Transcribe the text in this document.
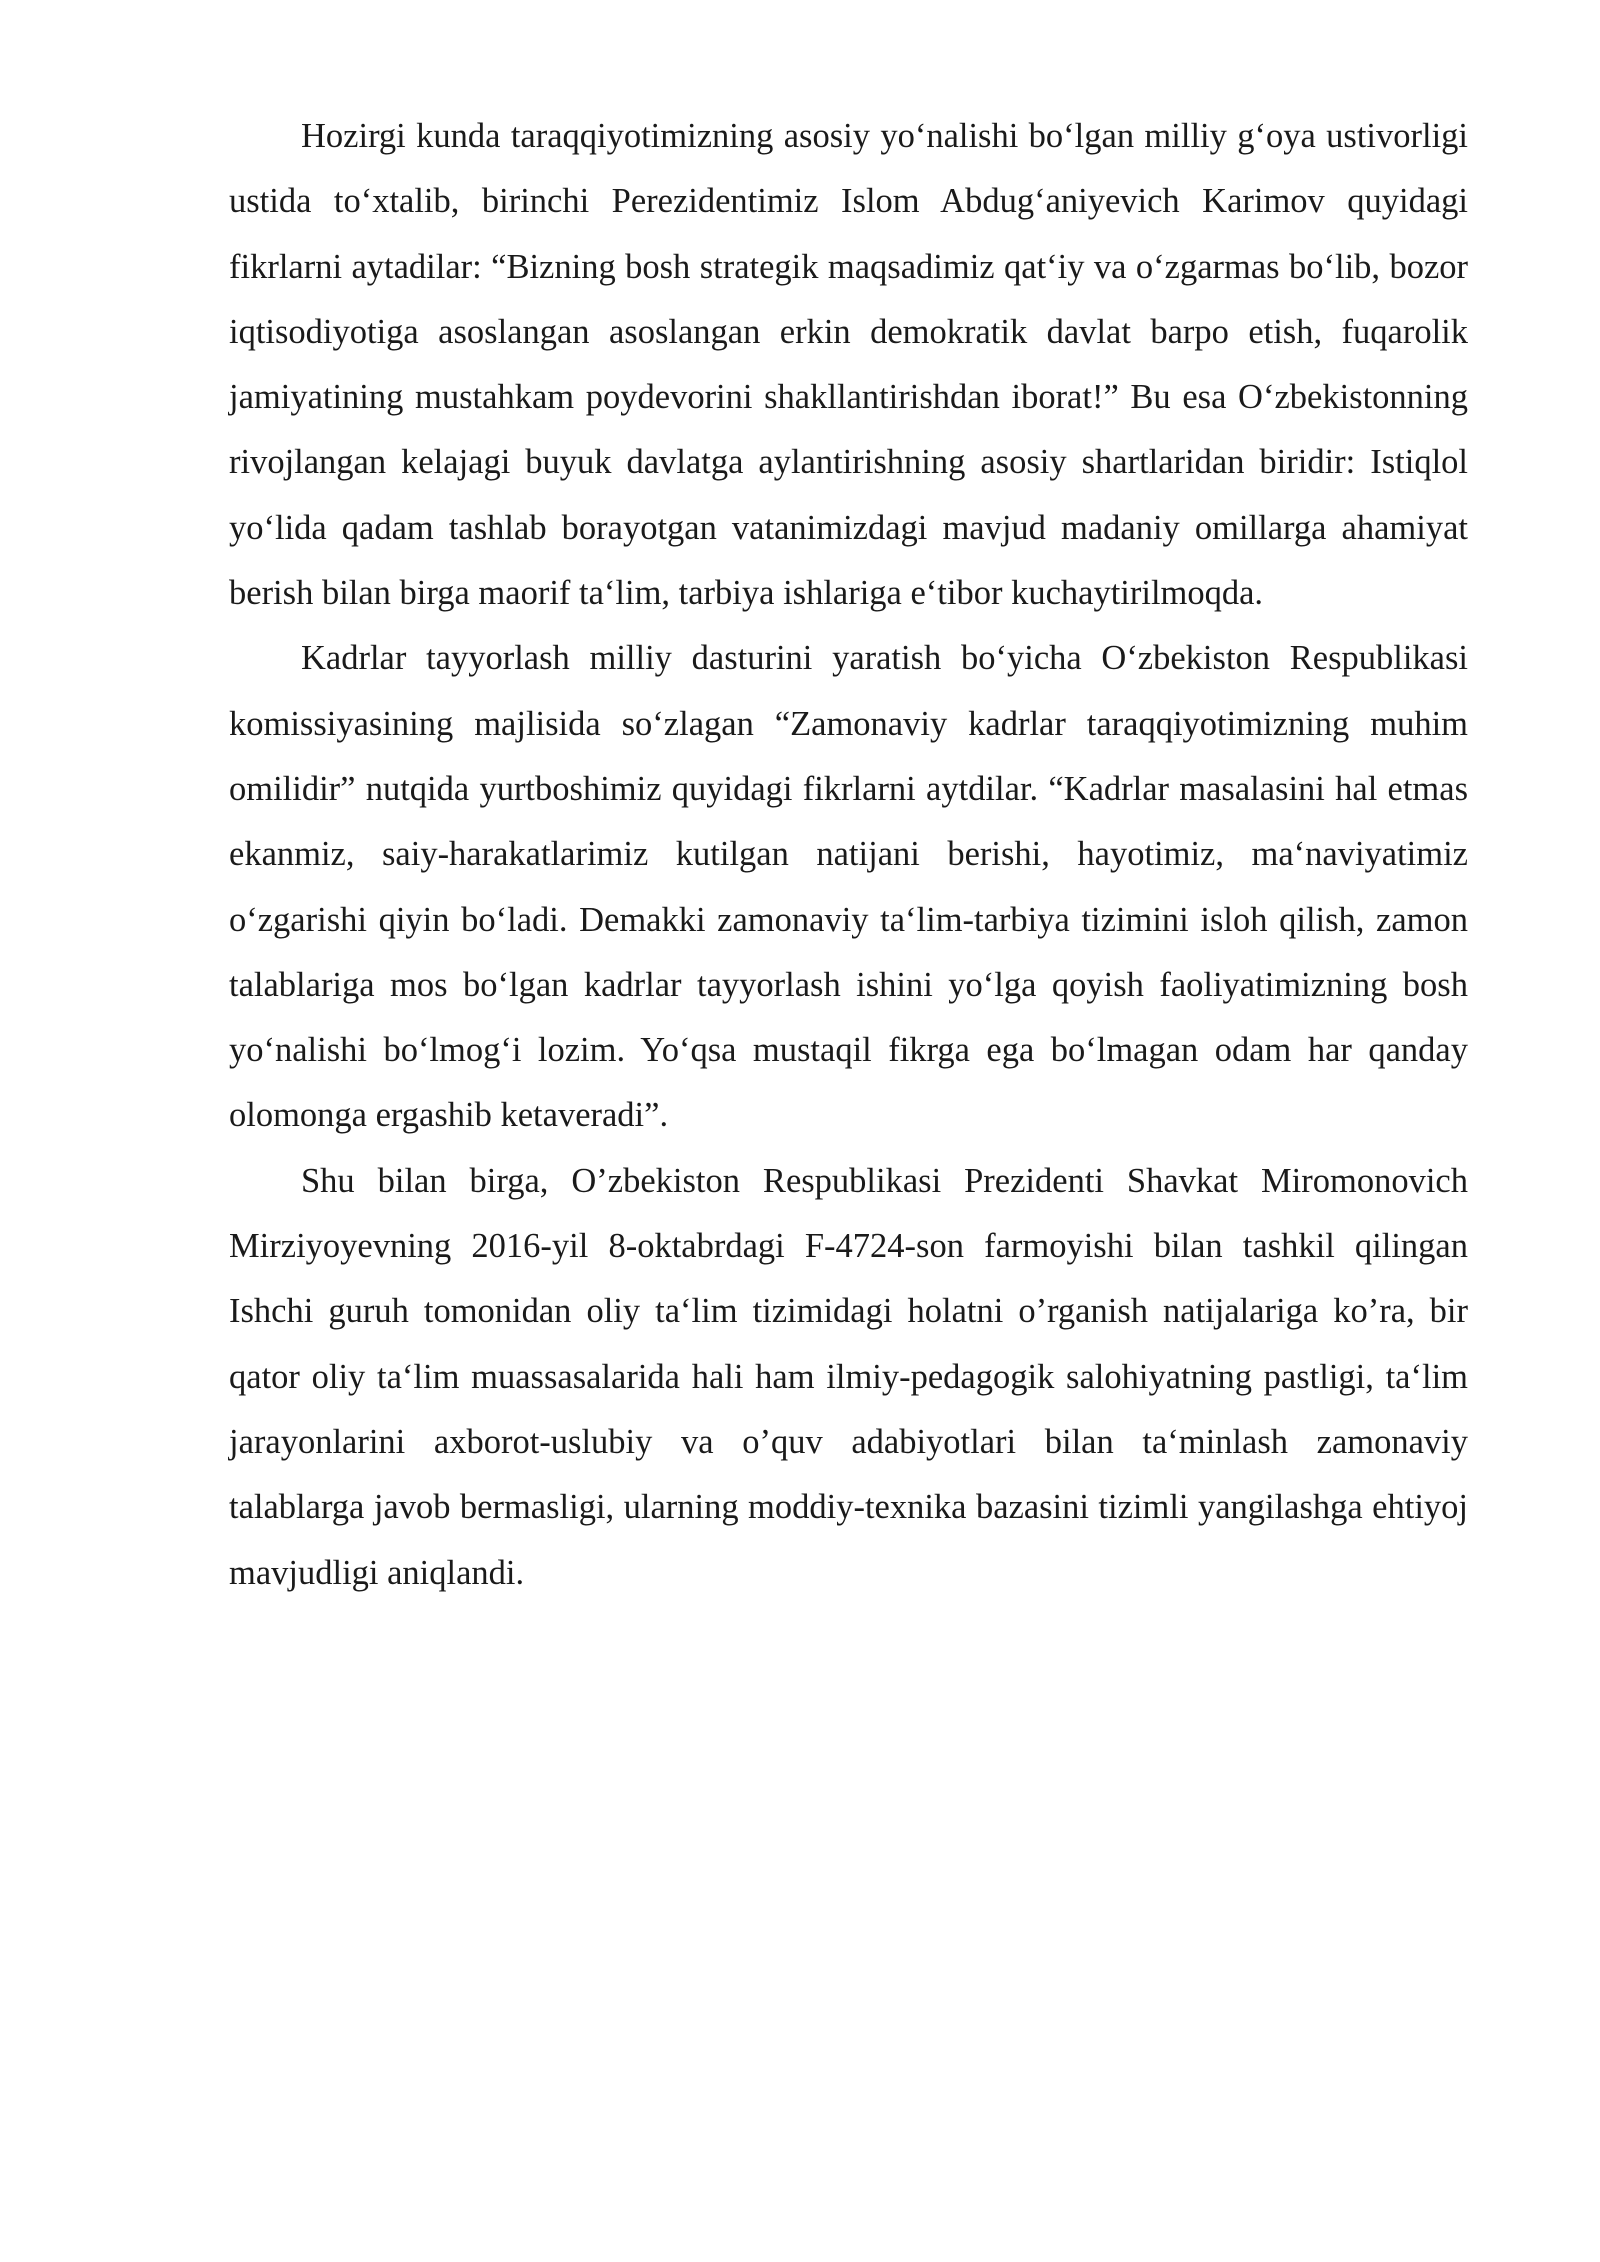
Hozirgi kunda taraqqiyotimizning asosiy yo‘nalishi bo‘lgan milliy g‘oya ustivorligi ustida to‘xtalib, birinchi Perezidentimiz Islom Abdug‘aniyevich Karimov quyidagi fikrlarni aytadilar: “Bizning bosh strategik maqsadimiz qat‘iy va o‘zgarmas bo‘lib, bozor iqtisodiyotiga asoslangan asoslangan erkin demokratik davlat barpo etish, fuqarolik jamiyatining mustahkam poydevorini shakllantirishdan iborat!” Bu esa O‘zbekistonning rivojlangan kelajagi buyuk davlatga aylantirishning asosiy shartlaridan biridir: Istiqlol yo‘lida qadam tashlab borayotgan vatanimizdagi mavjud madaniy omillarga ahamiyat berish bilan birga maorif ta‘lim, tarbiya ishlariga e‘tibor kuchaytirilmoqda.

Kadrlar tayyorlash milliy dasturini yaratish bo‘yicha O‘zbekiston Respublikasi komissiyasining majlisida so‘zlagan “Zamonaviy kadrlar taraqqiyotimizning muhim omilidir” nutqida yurtboshimiz quyidagi fikrlarni aytdilar. “Kadrlar masalasini hal etmas ekanmiz, saiy-harakatlarimiz kutilgan natijani berishi, hayotimiz, ma‘naviyatimiz o‘zgarishi qiyin bo‘ladi. Demakki zamonaviy ta‘lim-tarbiya tizimini isloh qilish, zamon talablariga mos bo‘lgan kadrlar tayyorlash ishini yo‘lga qoyish faoliyatimizning bosh yo‘nalishi bo‘lmog‘i lozim. Yo‘qsa mustaqil fikrga ega bo‘lmagan odam har qanday olomonga ergashib ketaveradi”.

Shu bilan birga, O’zbekiston Respublikasi Prezidenti Shavkat Miromonovich Mirziyoyevning 2016-yil 8-oktabrdagi F-4724-son farmoyishi bilan tashkil qilingan Ishchi guruh tomonidan oliy ta‘lim tizimidagi holatni o’rganish natijalariga ko’ra, bir qator oliy ta‘lim muassasalarida hali ham ilmiy-pedagogik salohiyatning pastligi, ta‘lim jarayonlarini axborot-uslubiy va o’quv adabiyotlari bilan ta‘minlash zamonaviy talablarga javob bermasligi, ularning moddiy-texnika bazasini tizimli yangilashga ehtiyoj mavjudligi aniqlandi.
